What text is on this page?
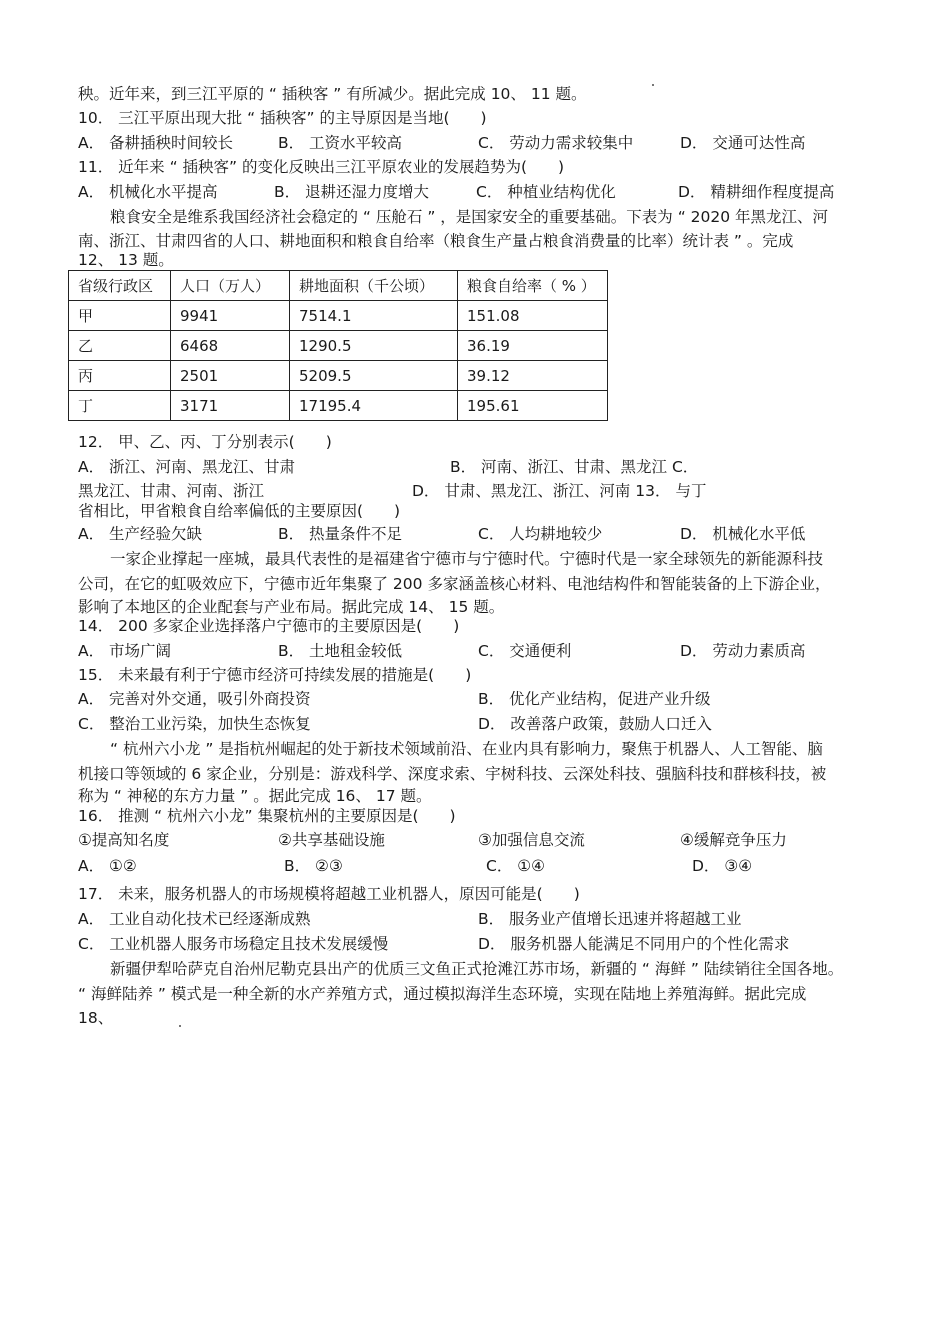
秧。近年来，到三江平原的 “ 插秧客 ” 有所减少。据此完成 10、 11 题。
10． 三江平原出现大批 “ 插秧客” 的主导原因是当地(　　)
A． 备耕插秧时间较长	B． 工资水平较高	C． 劳动力需求较集中	D． 交通可达性高
11． 近年来 “ 插秧客” 的变化反映出三江平原农业的发展趋势为(　　)
A． 机械化水平提高	B． 退耕还湿力度增大	C． 种植业结构优化	D． 精耕细作程度提高
粮食安全是维系我国经济社会稳定的 “ 压舱石 ” ，是国家安全的重要基础。下表为 “ 2020 年黑龙江、河
南、浙江、甘肃四省的人口、耕地面积和粮食自给率（粮食生产量占粮食消费量的比率）统计表 ” 。完成
12、 13 题。
省级行政区	人口（万人）	耕地面积（千公顷）	粮食自给率（ % ）
甲	9941	7514.1	151.08
乙	6468	1290.5	36.19
丙	2501	5209.5	39.12
丁	3171	17195.4	195.61
12． 甲、乙、丙、丁分别表示(　　)
A． 浙江、河南、黑龙江、甘肃	B． 河南、浙江、甘肃、黑龙江 C．
黑龙江、甘肃、河南、浙江	D． 甘肃、黑龙江、浙江、河南 13． 与丁
省相比，甲省粮食自给率偏低的主要原因(　　)
A． 生产经验欠缺	B． 热量条件不足	C． 人均耕地较少	D． 机械化水平低
一家企业撑起一座城，最具代表性的是福建省宁德市与宁德时代。宁德时代是一家全球领先的新能源科技
公司，在它的虹吸效应下，宁德市近年集聚了 200 多家涵盖核心材料、电池结构件和智能装备的上下游企业，
影响了本地区的企业配套与产业布局。据此完成 14、 15 题。
14． 200 多家企业选择落户宁德市的主要原因是(　　)
A． 市场广阔	B． 土地租金较低	C． 交通便利	D． 劳动力素质高
15． 未来最有利于宁德市经济可持续发展的措施是(　　)
A． 完善对外交通，吸引外商投资	B． 优化产业结构，促进产业升级
C． 整治工业污染，加快生态恢复	D． 改善落户政策，鼓励人口迁入
“ 杭州六小龙 ” 是指杭州崛起的处于新技术领域前沿、在业内具有影响力，聚焦于机器人、人工智能、脑
机接口等领域的 6 家企业，分别是：游戏科学、深度求索、宇树科技、云深处科技、强脑科技和群核科技，被
称为 “ 神秘的东方力量 ” 。据此完成 16、 17 题。
16． 推测 “ 杭州六小龙” 集聚杭州的主要原因是(　　)
①提高知名度	②共享基础设施	③加强信息交流	④缓解竞争压力
A． ①②	B． ②③	C． ①④	D． ③④
17． 未来，服务机器人的市场规模将超越工业机器人，原因可能是(　　)
A． 工业自动化技术已经逐渐成熟	B． 服务业产值增长迅速并将超越工业
C． 工业机器人服务市场稳定且技术发展缓慢	D． 服务机器人能满足不同用户的个性化需求
新疆伊犁哈萨克自治州尼勒克县出产的优质三文鱼正式抢滩江苏市场，新疆的 “ 海鲜 ” 陆续销往全国各地。
“ 海鲜陆养 ” 模式是一种全新的水产养殖方式，通过模拟海洋生态环境，实现在陆地上养殖海鲜。据此完成
18、
